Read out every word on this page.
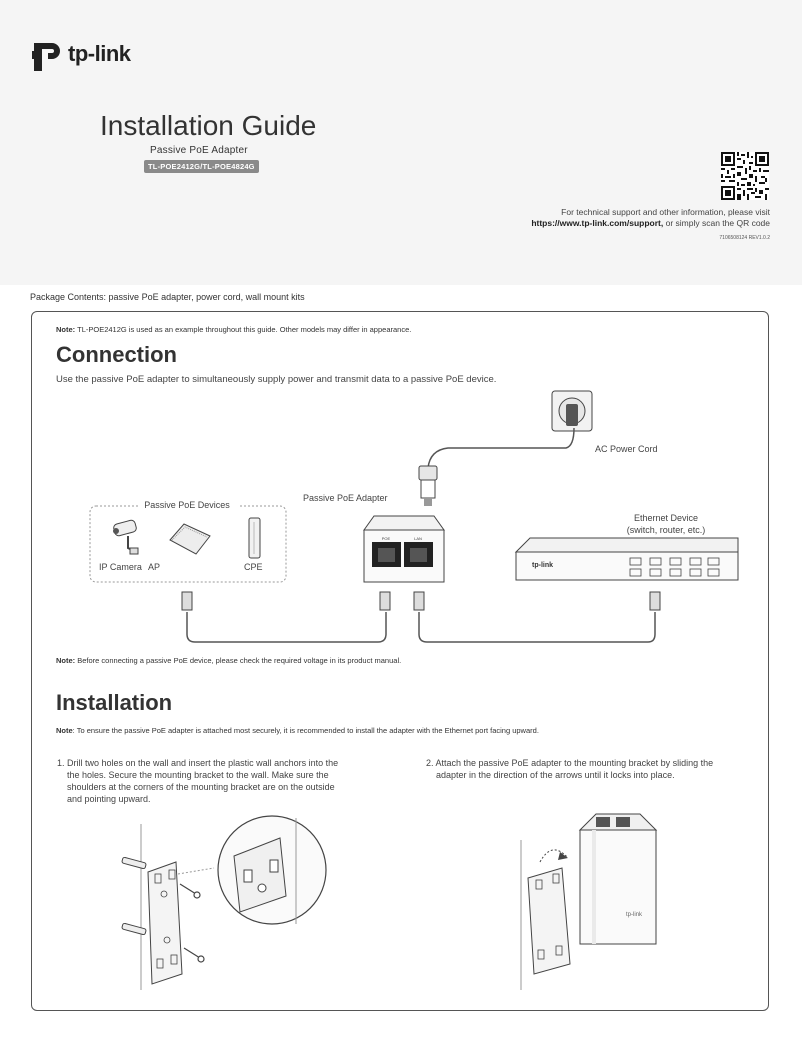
tp-link
Installation Guide
Passive PoE Adapter
TL-POE2412G/TL-POE4824G
For technical support and other information, please visit
https://www.tp-link.com/support, or simply scan the QR code
7106508124 REV1.0.2
Package Contents: passive PoE adapter, power cord, wall mount kits
Note: TL-POE2412G is used as an example throughout this guide. Other models may differ in appearance.
Connection
Use the passive PoE adapter to simultaneously supply power and transmit data to a passive PoE device.
AC Power Cord
Passive PoE Adapter
POE	LAN
Passive PoE Devices
IP Camera AP	CPE
Ethernet Device
(switch, router, etc.)
tp-link
Note: Before connecting a passive PoE device, please check the required voltage in its product manual.
Installation
Note: To ensure the passive PoE adapter is attached most securely, it is recommended to install the adapter with the Ethernet port facing upward.
1. Drill two holes on the wall and insert the plastic wall anchors into the
the holes. Secure the mounting bracket to the wall. Make sure the
shoulders at the corners of the mounting bracket are on the outside
and pointing upward.
2. Attach the passive PoE adapter to the mounting bracket by sliding the
adapter in the direction of the arrows until it locks into place.
tp-link
